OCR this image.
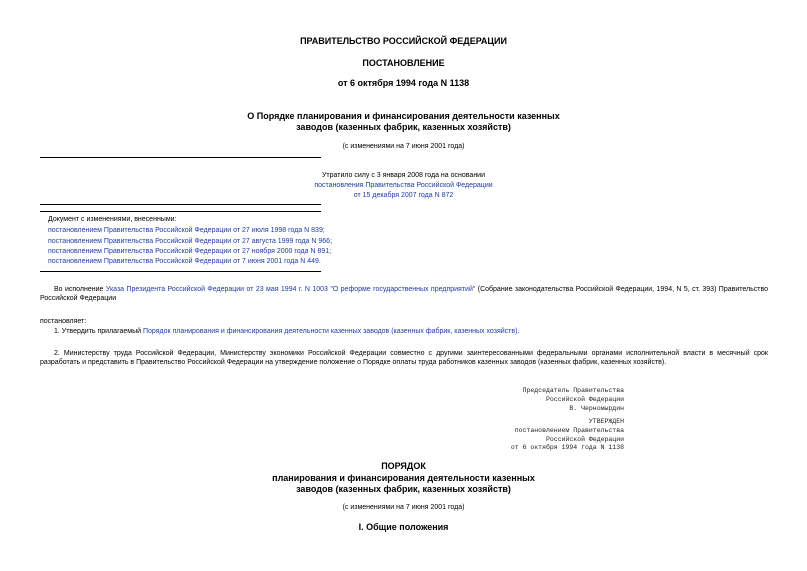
ПРАВИТЕЛЬСТВО РОССИЙСКОЙ ФЕДЕРАЦИИ
ПОСТАНОВЛЕНИЕ
от 6 октября 1994 года N 1138
О Порядке планирования и финансирования деятельности казенных
заводов (казенных фабрик, казенных хозяйств)
(с изменениями на 7 июня 2001 года)
Утратило силу с 3 января 2008 года на основании
постановления Правительства Российской Федерации
от 15 декабря 2007 года N 872
Документ с изменениями, внесенными:
постановлением Правительства Российской Федерации от 27 июля 1998 года N 839;
постановлением Правительства Российской Федерации от 27 августа 1999 года N 966;
постановлением Правительства Российской Федерации от 27 ноября 2000 года N 891;
постановлением Правительства Российской Федерации от 7 июня 2001 года N 449.
Во исполнение Указа Президента Российской Федерации от 23 мая 1994 г. N 1003 "О реформе государственных предприятий" (Собрание законодательства Российской Федерации, 1994, N 5, ст. 393) Правительство Российской Федерации
постановляет:
1. Утвердить прилагаемый Порядок планирования и финансирования деятельности казенных заводов (казенных фабрик, казенных хозяйств).
2. Министерству труда Российской Федерации, Министерству экономики Российской Федерации совместно с другими заинтересованными федеральными органами исполнительной власти в месячный срок разработать и представить в Правительство Российской Федерации на утверждение положение о Порядке оплаты труда работников казенных заводов (казенных фабрик, казенных хозяйств).
Председатель Правительства
Российской Федерации
В. Черномырдин
УТВЕРЖДЕН
постановлением Правительства
Российской Федерации
от 6 октября 1994 года N 1138
ПОРЯДОК
планирования и финансирования деятельности казенных
заводов (казенных фабрик, казенных хозяйств)
(с изменениями на 7 июня 2001 года)
I. Общие положения
